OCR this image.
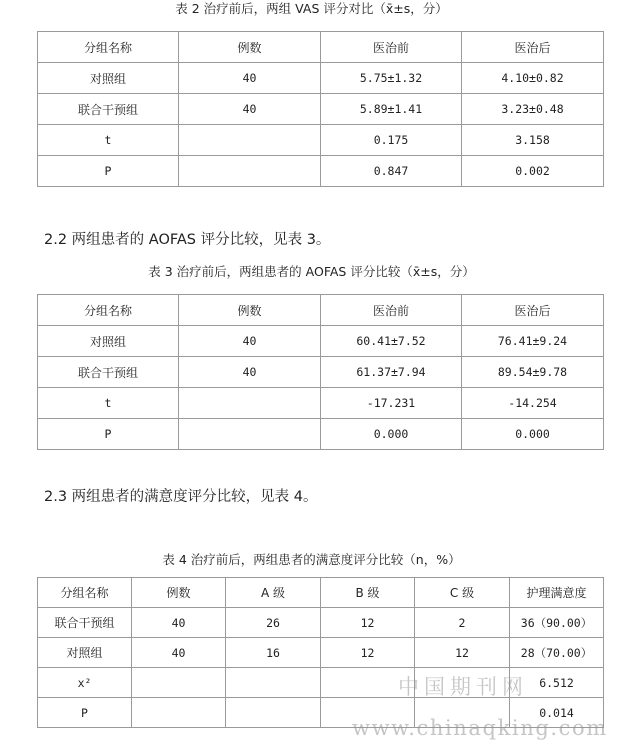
表 2 治疗前后，两组 VAS 评分对比（x̄±s，分）
分组名称	例数	医治前	医治后
对照组	40	5.75±1.32	4.10±0.82
联合干预组	40	5.89±1.41	3.23±0.48
t		0.175	3.158
P		0.847	0.002
2.2 两组患者的 AOFAS 评分比较，见表 3。
表 3 治疗前后，两组患者的 AOFAS 评分比较（x̄±s，分）
分组名称	例数	医治前	医治后
对照组	40	60.41±7.52	76.41±9.24
联合干预组	40	61.37±7.94	89.54±9.78
t		-17.231	-14.254
P		0.000	0.000
2.3 两组患者的满意度评分比较，见表 4。
表 4 治疗前后，两组患者的满意度评分比较（n，%）
分组名称	例数	A 级	B 级	C 级	护理满意度
联合干预组	40	26	12	2	36（90.00）
对照组	40	16	12	12	28（70.00）
x²					6.512
P					0.014
中国期刊网
www.chinaqking.com
